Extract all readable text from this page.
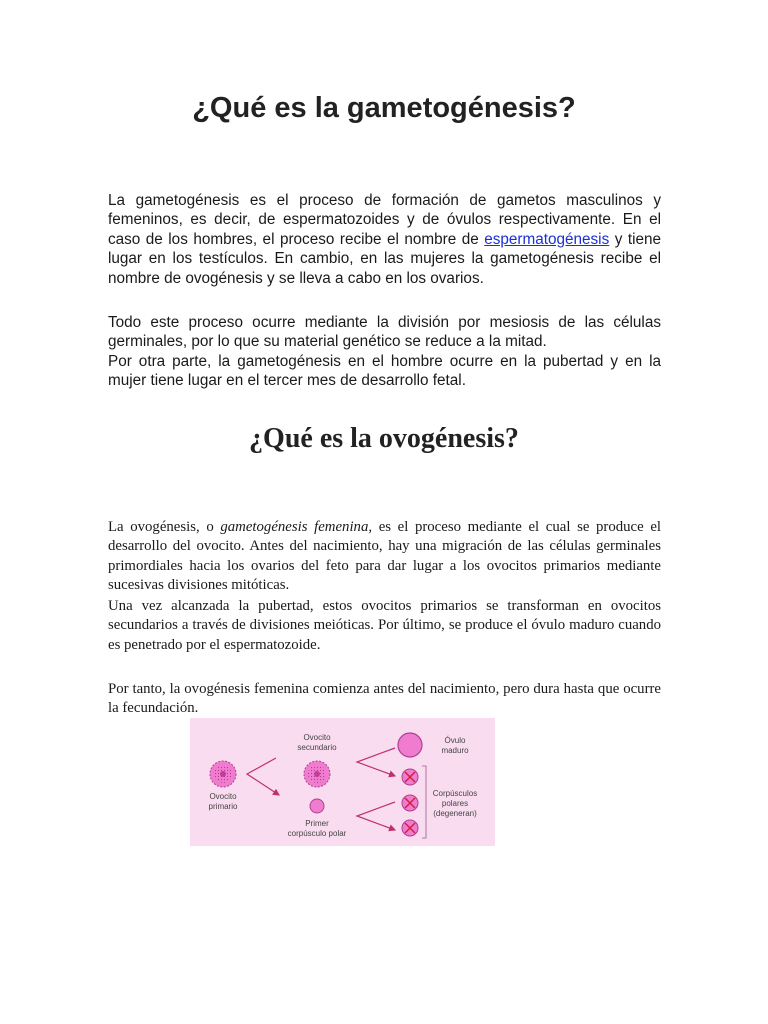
¿Qué es la gametogénesis?

La gametogénesis es el proceso de formación de gametos masculinos y femeninos, es decir, de espermatozoides y de óvulos respectivamente. En el caso de los hombres, el proceso recibe el nombre de espermatogénesis y tiene lugar en los testículos. En cambio, en las mujeres la gametogénesis recibe el nombre de ovogénesis y se lleva a cabo en los ovarios.

Todo este proceso ocurre mediante la división por mesiosis de las células germinales, por lo que su material genético se reduce a la mitad.

Por otra parte, la gametogénesis en el hombre ocurre en la pubertad y en la mujer tiene lugar en el tercer mes de desarrollo fetal.

¿Qué es la ovogénesis?

La ovogénesis, o gametogénesis femenina, es el proceso mediante el cual se produce el desarrollo del ovocito. Antes del nacimiento, hay una migración de las células germinales primordiales hacia los ovarios del feto para dar lugar a los ovocitos primarios mediante sucesivas divisiones mitóticas.

Una vez alcanzada la pubertad, estos ovocitos primarios se transforman en ovocitos secundarios a través de divisiones meióticas. Por último, se produce el óvulo maduro cuando es penetrado por el espermatozoide.

Por tanto, la ovogénesis femenina comienza antes del nacimiento, pero dura hasta que ocurre la fecundación.

Ovocito
primario
Ovocito
secundario
Primer
corpúsculo polar
Óvulo
maduro
Corpúsculos
polares
(degeneran)
